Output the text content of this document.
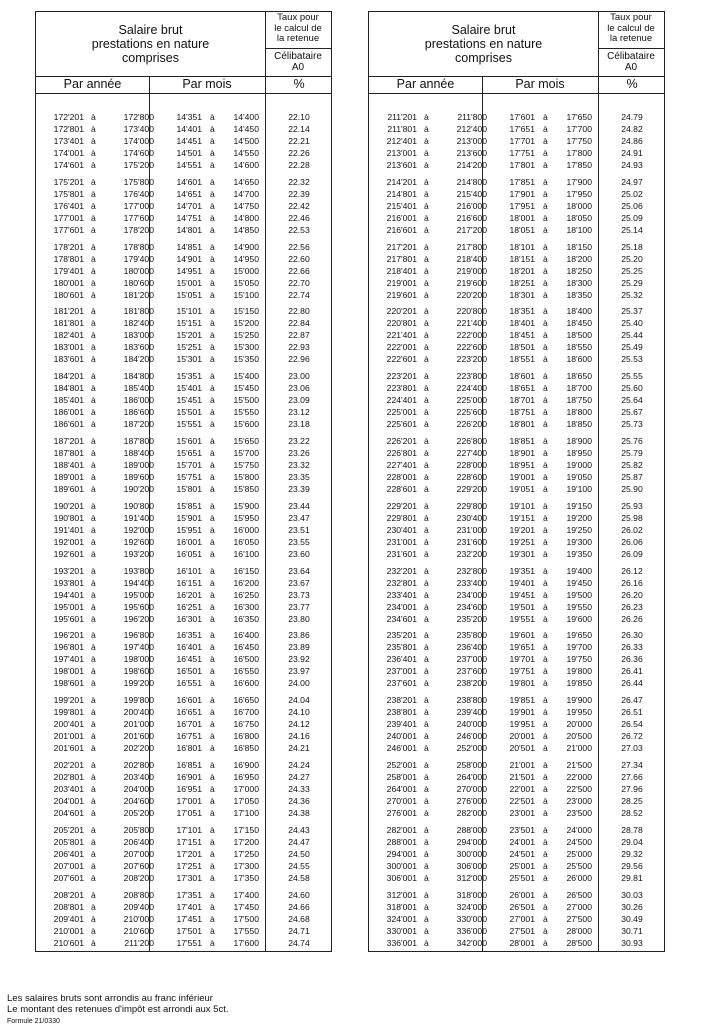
Salaire brut
prestations en nature
comprises
Taux pour
le calcul de
la retenue
Célibataire
A0
Par année	Par mois	%
172'201 à	172'800	14'351 à	14'400	22.10
172'801 à	173'400	14'401 à	14'450	22.14
173'401 à	174'000	14'451 à	14'500	22.21
174'001 à	174'600	14'501 à	14'550	22.26
174'601 à	175'200	14'551 à	14'600	22.28
175'201 à	175'800	14'601 à	14'650	22.32
175'801 à	176'400	14'651 à	14'700	22.39
176'401 à	177'000	14'701 à	14'750	22.42
177'001 à	177'600	14'751 à	14'800	22.46
177'601 à	178'200	14'801 à	14'850	22.53
178'201 à	178'800	14'851 à	14'900	22.56
178'801 à	179'400	14'901 à	14'950	22.60
179'401 à	180'000	14'951 à	15'000	22.66
180'001 à	180'600	15'001 à	15'050	22.70
180'601 à	181'200	15'051 à	15'100	22.74
181'201 à	181'800	15'101 à	15'150	22.80
181'801 à	182'400	15'151 à	15'200	22.84
182'401 à	183'000	15'201 à	15'250	22.87
183'001 à	183'600	15'251 à	15'300	22.93
183'601 à	184'200	15'301 à	15'350	22.96
184'201 à	184'800	15'351 à	15'400	23.00
184'801 à	185'400	15'401 à	15'450	23.06
185'401 à	186'000	15'451 à	15'500	23.09
186'001 à	186'600	15'501 à	15'550	23.12
186'601 à	187'200	15'551 à	15'600	23.18
187'201 à	187'800	15'601 à	15'650	23.22
187'801 à	188'400	15'651 à	15'700	23.26
188'401 à	189'000	15'701 à	15'750	23.32
189'001 à	189'600	15'751 à	15'800	23.35
189'601 à	190'200	15'801 à	15'850	23.39
190'201 à	190'800	15'851 à	15'900	23.44
190'801 à	191'400	15'901 à	15'950	23.47
191'401 à	192'000	15'951 à	16'000	23.51
192'001 à	192'600	16'001 à	16'050	23.55
192'601 à	193'200	16'051 à	16'100	23.60
193'201 à	193'800	16'101 à	16'150	23.64
193'801 à	194'400	16'151 à	16'200	23.67
194'401 à	195'000	16'201 à	16'250	23.73
195'001 à	195'600	16'251 à	16'300	23.77
195'601 à	196'200	16'301 à	16'350	23.80
196'201 à	196'800	16'351 à	16'400	23.86
196'801 à	197'400	16'401 à	16'450	23.89
197'401 à	198'000	16'451 à	16'500	23.92
198'001 à	198'600	16'501 à	16'550	23.97
198'601 à	199'200	16'551 à	16'600	24.00
199'201 à	199'800	16'601 à	16'650	24.04
199'801 à	200'400	16'651 à	16'700	24.10
200'401 à	201'000	16'701 à	16'750	24.12
201'001 à	201'600	16'751 à	16'800	24.16
201'601 à	202'200	16'801 à	16'850	24.21
202'201 à	202'800	16'851 à	16'900	24.24
202'801 à	203'400	16'901 à	16'950	24.27
203'401 à	204'000	16'951 à	17'000	24.33
204'001 à	204'600	17'001 à	17'050	24.36
204'601 à	205'200	17'051 à	17'100	24.38
205'201 à	205'800	17'101 à	17'150	24.43
205'801 à	206'400	17'151 à	17'200	24.47
206'401 à	207'000	17'201 à	17'250	24.50
207'001 à	207'600	17'251 à	17'300	24.55
207'601 à	208'200	17'301 à	17'350	24.58
208'201 à	208'800	17'351 à	17'400	24.60
208'801 à	209'400	17'401 à	17'450	24.66
209'401 à	210'000	17'451 à	17'500	24.68
210'001 à	210'600	17'501 à	17'550	24.71
210'601 à	211'200	17'551 à	17'600	24.74
Salaire brut
prestations en nature
comprises
Taux pour
le calcul de
la retenue
Célibataire
A0
Par année	Par mois	%
211'201 à	211'800	17'601 à	17'650	24.79
211'801 à	212'400	17'651 à	17'700	24.82
212'401 à	213'000	17'701 à	17'750	24.86
213'001 à	213'600	17'751 à	17'800	24.91
213'601 à	214'200	17'801 à	17'850	24.93
214'201 à	214'800	17'851 à	17'900	24.97
214'801 à	215'400	17'901 à	17'950	25.02
215'401 à	216'000	17'951 à	18'000	25.06
216'001 à	216'600	18'001 à	18'050	25.09
216'601 à	217'200	18'051 à	18'100	25.14
217'201 à	217'800	18'101 à	18'150	25.18
217'801 à	218'400	18'151 à	18'200	25.20
218'401 à	219'000	18'201 à	18'250	25.25
219'001 à	219'600	18'251 à	18'300	25.29
219'601 à	220'200	18'301 à	18'350	25.32
220'201 à	220'800	18'351 à	18'400	25.37
220'801 à	221'400	18'401 à	18'450	25.40
221'401 à	222'000	18'451 à	18'500	25.44
222'001 à	222'600	18'501 à	18'550	25.49
222'601 à	223'200	18'551 à	18'600	25.53
223'201 à	223'800	18'601 à	18'650	25.55
223'801 à	224'400	18'651 à	18'700	25.60
224'401 à	225'000	18'701 à	18'750	25.64
225'001 à	225'600	18'751 à	18'800	25.67
225'601 à	226'200	18'801 à	18'850	25.73
226'201 à	226'800	18'851 à	18'900	25.76
226'801 à	227'400	18'901 à	18'950	25.79
227'401 à	228'000	18'951 à	19'000	25.82
228'001 à	228'600	19'001 à	19'050	25.87
228'601 à	229'200	19'051 à	19'100	25.90
229'201 à	229'800	19'101 à	19'150	25.93
229'801 à	230'400	19'151 à	19'200	25.98
230'401 à	231'000	19'201 à	19'250	26.02
231'001 à	231'600	19'251 à	19'300	26.06
231'601 à	232'200	19'301 à	19'350	26.09
232'201 à	232'800	19'351 à	19'400	26.12
232'801 à	233'400	19'401 à	19'450	26.16
233'401 à	234'000	19'451 à	19'500	26.20
234'001 à	234'600	19'501 à	19'550	26.23
234'601 à	235'200	19'551 à	19'600	26.26
235'201 à	235'800	19'601 à	19'650	26.30
235'801 à	236'400	19'651 à	19'700	26.33
236'401 à	237'000	19'701 à	19'750	26.36
237'001 à	237'600	19'751 à	19'800	26.41
237'601 à	238'200	19'801 à	19'850	26.44
238'201 à	238'800	19'851 à	19'900	26.47
238'801 à	239'400	19'901 à	19'950	26.51
239'401 à	240'000	19'951 à	20'000	26.54
240'001 à	246'000	20'001 à	20'500	26.72
246'001 à	252'000	20'501 à	21'000	27.03
252'001 à	258'000	21'001 à	21'500	27.34
258'001 à	264'000	21'501 à	22'000	27.66
264'001 à	270'000	22'001 à	22'500	27.96
270'001 à	276'000	22'501 à	23'000	28.25
276'001 à	282'000	23'001 à	23'500	28.52
282'001 à	288'000	23'501 à	24'000	28.78
288'001 à	294'000	24'001 à	24'500	29.04
294'001 à	300'000	24'501 à	25'000	29.32
300'001 à	306'000	25'001 à	25'500	29.56
306'001 à	312'000	25'501 à	26'000	29.81
312'001 à	318'000	26'001 à	26'500	30.03
318'001 à	324'000	26'501 à	27'000	30.26
324'001 à	330'000	27'001 à	27'500	30.49
330'001 à	336'000	27'501 à	28'000	30.71
336'001 à	342'000	28'001 à	28'500	30.93
Les salaires bruts sont arrondis au franc inférieur
Le montant des retenues d'impôt est arrondi aux 5ct.
Formule 21/0330
